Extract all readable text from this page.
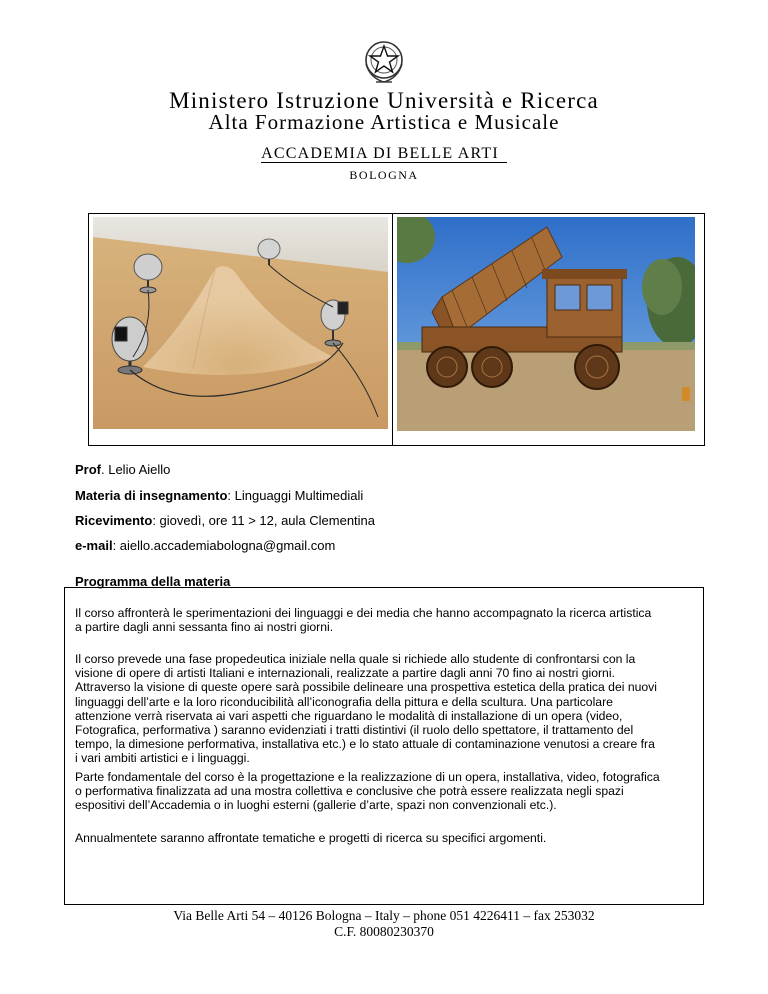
Ministero Istruzione Università e Ricerca
Alta Formazione Artistica e Musicale
ACCADEMIA DI BELLE ARTI
BOLOGNA
Prof. Lelio Aiello
Materia di insegnamento: Linguaggi Multimediali
Ricevimento: giovedì, ore 11 > 12, aula Clementina
e-mail: aiello.accademiabologna@gmail.com
Programma della materia
Il corso affronterà le sperimentazioni dei linguaggi e dei media che hanno accompagnato la ricerca artistica
a partire dagli anni sessanta fino ai nostri giorni.
Il corso prevede una fase propedeutica iniziale nella quale si richiede allo studente di confrontarsi con la
visione di opere di artisti Italiani e internazionali, realizzate a partire dagli anni 70 fino ai nostri giorni.
Attraverso la visione di queste opere sarà possibile delineare una prospettiva estetica della pratica dei nuovi
linguaggi dell’arte e la loro riconducibilità all’iconografia della pittura e della scultura. Una particolare
attenzione verrà riservata ai vari aspetti che riguardano le modalità di installazione di un opera (video,
Fotografica, performativa ) saranno evidenziati i tratti distintivi (il ruolo dello spettatore, il trattamento del
tempo, la dimesione performativa, installativa etc.) e lo stato attuale di contaminazione venutosi a creare fra
i vari ambiti artistici e i linguaggi.
Parte fondamentale del corso è la progettazione e la realizzazione di un opera, installativa, video, fotografica
o performativa finalizzata ad una mostra collettiva e conclusive che potrà essere realizzata negli spazi
espositivi dell’Accademia o in luoghi esterni (gallerie d’arte, spazi non convenzionali etc.).
Annualmentete saranno affrontate tematiche e progetti di ricerca su specifici argomenti.
Via Belle Arti 54 – 40126 Bologna – Italy – phone 051 4226411 – fax 253032
C.F. 80080230370
